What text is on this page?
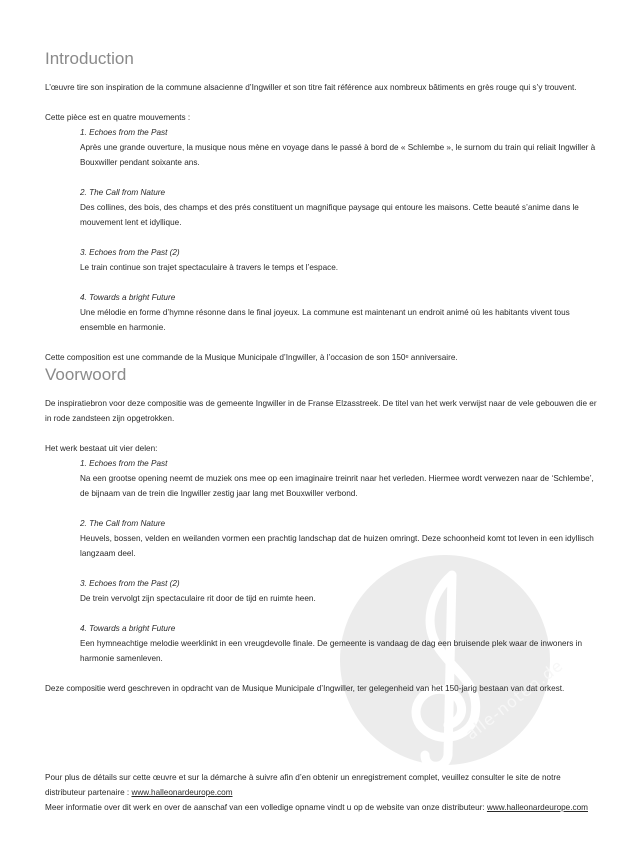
alle-noten.de
Introduction

L’œuvre tire son inspiration de la commune alsacienne d’Ingwiller et son titre fait référence aux nombreux bâtiments en grès rouge qui s’y trouvent.

Cette pièce est en quatre mouvements :

1. Echoes from the Past

Après une grande ouverture, la musique nous mène en voyage dans le passé à bord de « Schlembe », le surnom du train qui reliait Ingwiller à Bouxwiller pendant soixante ans.

2. The Call from Nature

Des collines, des bois, des champs et des prés constituent un magnifique paysage qui entoure les maisons. Cette beauté s’anime dans le mouvement lent et idyllique.

3. Echoes from the Past (2)

Le train continue son trajet spectaculaire à travers le temps et l’espace.

4. Towards a bright Future

Une mélodie en forme d’hymne résonne dans le final joyeux. La commune est maintenant un endroit animé où les habitants vivent tous ensemble en harmonie.

Cette composition est une commande de la Musique Municipale d’Ingwiller, à l’occasion de son 150ᵉ anniversaire.

Voorwoord

De inspiratiebron voor deze compositie was de gemeente Ingwiller in de Franse Elzasstreek. De titel van het werk verwijst naar de vele gebouwen die er in rode zandsteen zijn opgetrokken.

Het werk bestaat uit vier delen:

1. Echoes from the Past

Na een grootse opening neemt de muziek ons mee op een imaginaire treinrit naar het verleden. Hiermee wordt verwezen naar de ‘Schlembe’, de bijnaam van de trein die Ingwiller zestig jaar lang met Bouxwiller verbond.

2. The Call from Nature

Heuvels, bossen, velden en weilanden vormen een prachtig landschap dat de huizen omringt. Deze schoonheid komt tot leven in een idyllisch langzaam deel.

3. Echoes from the Past (2)

De trein vervolgt zijn spectaculaire rit door de tijd en ruimte heen.

4. Towards a bright Future

Een hymneachtige melodie weerklinkt in een vreugdevolle finale. De gemeente is vandaag de dag een bruisende plek waar de inwoners in harmonie samenleven.

Deze compositie werd geschreven in opdracht van de Musique Municipale d’Ingwiller, ter gelegenheid van het 150-jarig bestaan van dat orkest.

Pour plus de détails sur cette œuvre et sur la démarche à suivre afin d’en obtenir un enregistrement complet, veuillez consulter le site de notre distributeur partenaire : www.halleonardeurope.com

Meer informatie over dit werk en over de aanschaf van een volledige opname vindt u op de website van onze distributeur: www.halleonardeurope.com
